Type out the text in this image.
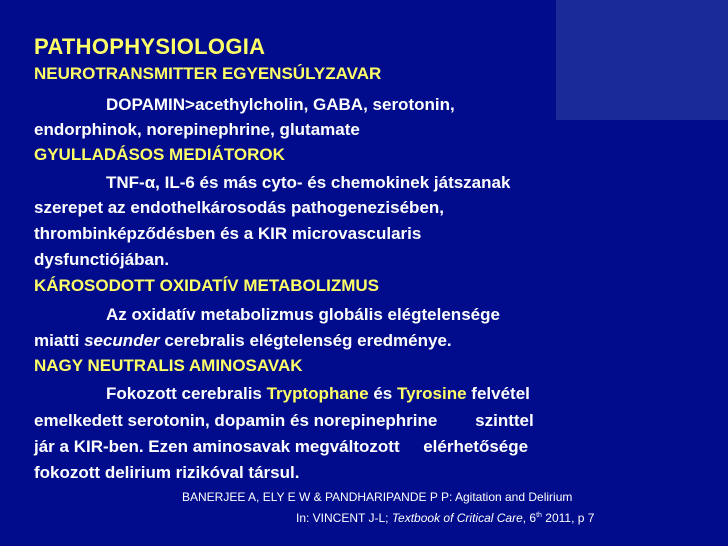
PATHOPHYSIOLOGIA
NEUROTRANSMITTER EGYENSÚLYZAVAR
DOPAMIN>acethylcholin, GABA, serotonin,
endorphinok, norepinephrine, glutamate
GYULLADÁSOS MEDIÁTOROK
TNF-α, IL-6 és más cyto- és chemokinek játszanak
szerepet az endothelkárosodás pathogenezisében,
thrombinképződésben és a KIR microvascularis
dysfunctiójában.
KÁROSODOTT OXIDATÍV METABOLIZMUS
Az oxidatív metabolizmus globális elégtelensége
miatti secunder cerebralis elégtelenség eredménye.
NAGY NEUTRALIS AMINOSAVAK
Fokozott cerebralis Tryptophane és Tyrosine felvétel
emelkedett serotonin, dopamin és norepinephrine        szinttel
jár a KIR-ben. Ezen aminosavak megváltozott     elérhetősége
fokozott delirium rizikóval társul.
BANERJEE A, ELY E W & PANDHARIPANDE P P: Agitation and Delirium
In: VINCENT J-L; Textbook of Critical Care, 6th 2011, p 7
